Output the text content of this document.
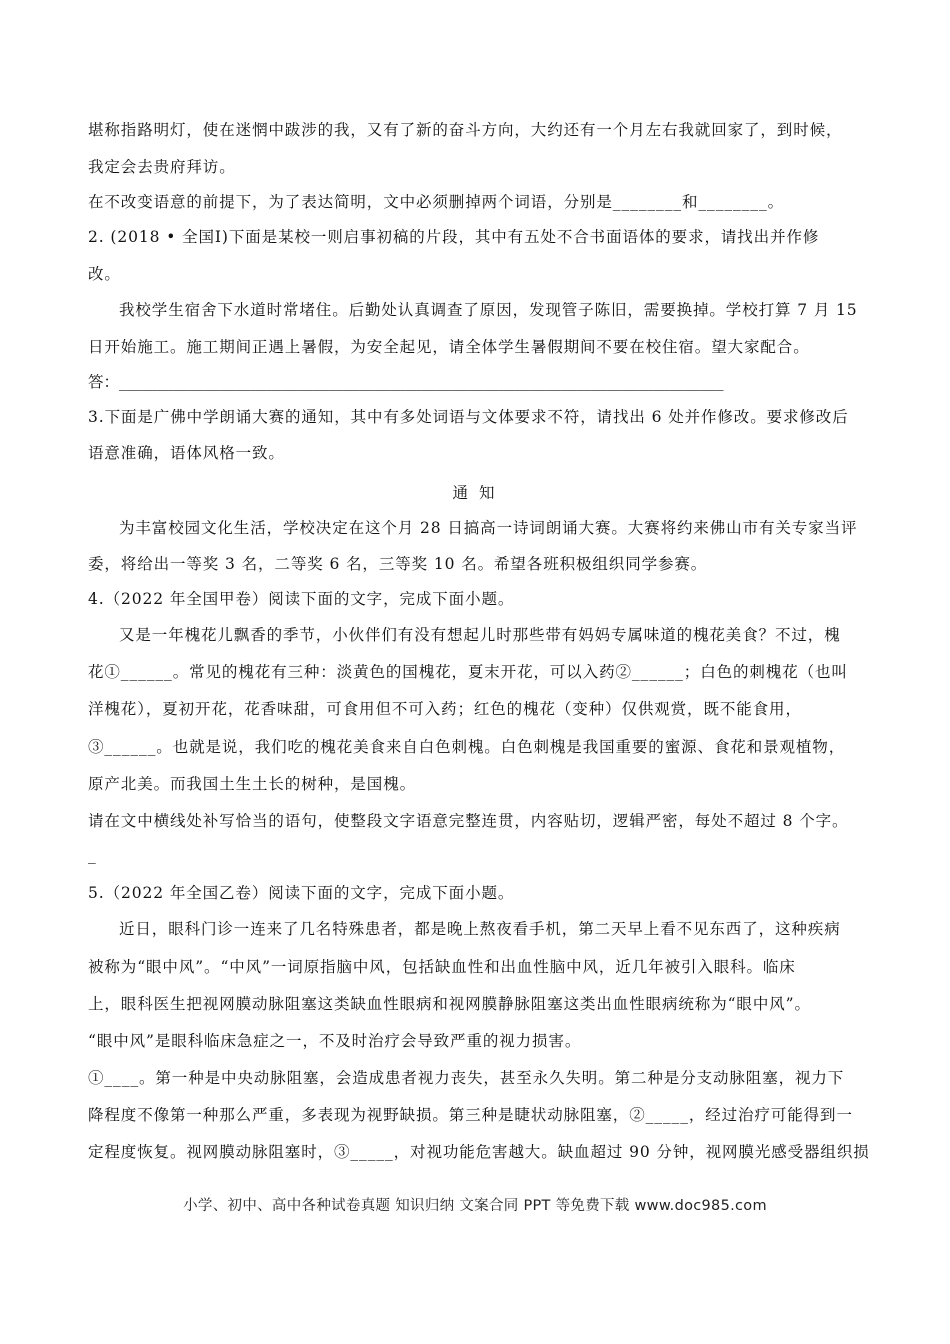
堪称指路明灯，使在迷惘中跋涉的我，又有了新的奋斗方向，大约还有一个月左右我就回家了，到时候，
我定会去贵府拜访。
在不改变语意的前提下，为了表达简明，文中必须删掉两个词语，分别是________和________。
2. (2018 • 全国Ⅰ)下面是某校一则启事初稿的片段，其中有五处不合书面语体的要求，请找出并作修
改。
我校学生宿舍下水道时常堵住。后勤处认真调查了原因，发现管子陈旧，需要换掉。学校打算 7 月 15
日开始施工。施工期间正遇上暑假，为安全起见，请全体学生暑假期间不要在校住宿。望大家配合。
答：______________________________________________________________________________
3.下面是广佛中学朗诵大赛的通知，其中有多处词语与文体要求不符，请找出 6 处并作修改。要求修改后
语意准确，语体风格一致。
通 知
为丰富校园文化生活，学校决定在这个月 28 日搞高一诗词朗诵大赛。大赛将约来佛山市有关专家当评
委，将给出一等奖 3 名，二等奖 6 名，三等奖 10 名。希望各班积极组织同学参赛。
4.（2022 年全国甲卷）阅读下面的文字，完成下面小题。
又是一年槐花儿飘香的季节，小伙伴们有没有想起儿时那些带有妈妈专属味道的槐花美食？不过，槐
花①______。常见的槐花有三种：淡黄色的国槐花，夏末开花，可以入药②______；白色的刺槐花（也叫
洋槐花），夏初开花，花香味甜，可食用但不可入药；红色的槐花（变种）仅供观赏，既不能食用，
③______。也就是说，我们吃的槐花美食来自白色刺槐。白色刺槐是我国重要的蜜源、食花和景观植物，
原产北美。而我国土生土长的树种，是国槐。
请在文中横线处补写恰当的语句，使整段文字语意完整连贯，内容贴切，逻辑严密，每处不超过 8 个字。
_
5.（2022 年全国乙卷）阅读下面的文字，完成下面小题。
近日，眼科门诊一连来了几名特殊患者，都是晚上熬夜看手机，第二天早上看不见东西了，这种疾病
被称为“眼中风”。“中风”一词原指脑中风，包括缺血性和出血性脑中风，近几年被引入眼科。临床
上，眼科医生把视网膜动脉阻塞这类缺血性眼病和视网膜静脉阻塞这类出血性眼病统称为“眼中风”。
“眼中风”是眼科临床急症之一，不及时治疗会导致严重的视力损害。
①____。第一种是中央动脉阻塞，会造成患者视力丧失，甚至永久失明。第二种是分支动脉阻塞，视力下
降程度不像第一种那么严重，多表现为视野缺损。第三种是睫状动脉阻塞，②_____，经过治疗可能得到一
定程度恢复。视网膜动脉阻塞时，③_____，对视功能危害越大。缺血超过 90 分钟，视网膜光感受器组织损
小学、初中、高中各种试卷真题 知识归纳 文案合同 PPT 等免费下载 www.doc985.com
